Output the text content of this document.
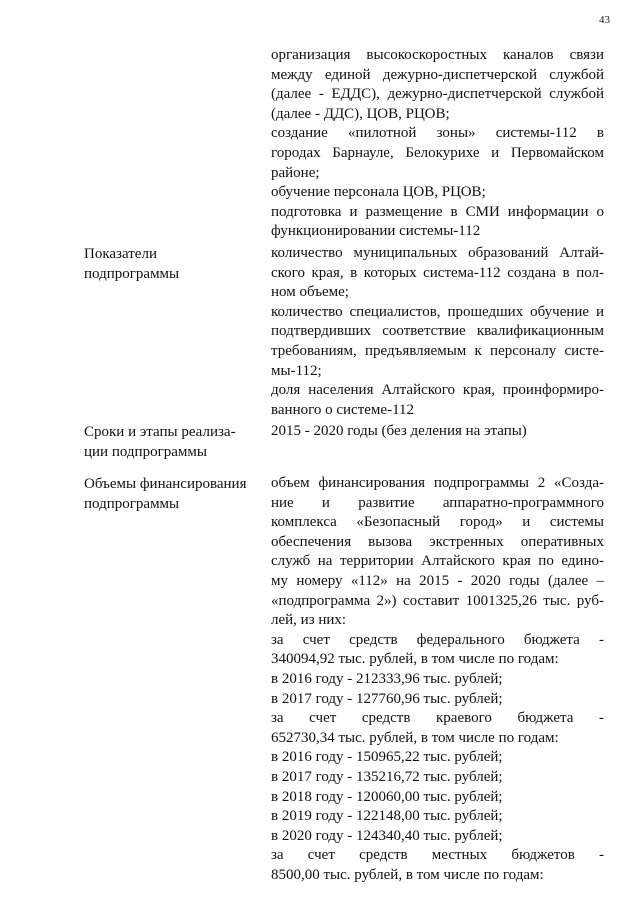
43
организация высокоскоростных каналов связи
между единой дежурно-диспетчерской службой
(далее - ЕДДС), дежурно-диспетчерской службой
(далее - ДДС), ЦОВ, РЦОВ;
создание «пилотной зоны» системы-112 в
городах Барнауле, Белокурихе и Первомайском
районе;
обучение персонала ЦОВ, РЦОВ;
подготовка и размещение в СМИ информации о
функционировании системы-112
Показатели
подпрограммы
количество муниципальных образований Алтай-
ского края, в которых система-112 создана в пол-
ном объеме;
количество специалистов, прошедших обучение и
подтвердивших соответствие квалификационным
требованиям, предъявляемым к персоналу систе-
мы-112;
доля населения Алтайского края, проинформиро-
ванного о системе-112
Сроки и этапы реализа-
ции подпрограммы
2015 - 2020 годы (без деления на этапы)
Объемы финансирования
подпрограммы
объем финансирования подпрограммы 2 «Созда-
ние и развитие аппаратно-программного
комплекса «Безопасный город» и системы
обеспечения вызова экстренных оперативных
служб на территории Алтайского края по едино-
му номеру «112» на 2015 - 2020 годы (далее –
«подпрограмма 2») составит 1001325,26 тыс. руб-
лей, из них:
за счет средств федерального бюджета -
340094,92 тыс. рублей, в том числе по годам:
в 2016 году - 212333,96 тыс. рублей;
в 2017 году - 127760,96 тыс. рублей;
за счет средств краевого бюджета -
652730,34 тыс. рублей, в том числе по годам:
в 2016 году - 150965,22 тыс. рублей;
в 2017 году - 135216,72 тыс. рублей;
в 2018 году - 120060,00 тыс. рублей;
в 2019 году - 122148,00 тыс. рублей;
в 2020 году - 124340,40 тыс. рублей;
за счет средств местных бюджетов -
8500,00 тыс. рублей, в том числе по годам:
